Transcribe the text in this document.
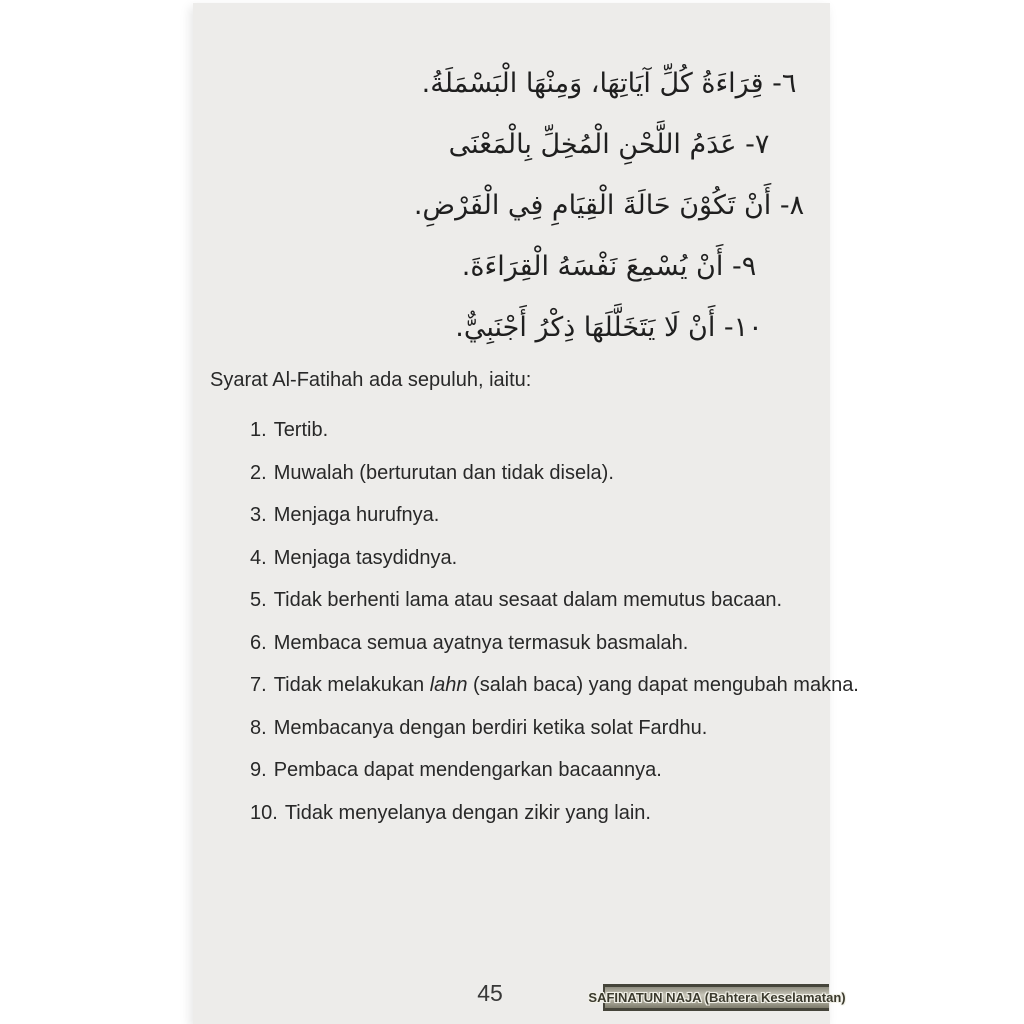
٦- قِرَاءَةُ كُلِّ آيَاتِهَا، وَمِنْهَا الْبَسْمَلَةُ.
٧- عَدَمُ اللَّحْنِ الْمُخِلِّ بِالْمَعْنَى
٨- أَنْ تَكُوْنَ حَالَةَ الْقِيَامِ فِي الْفَرْضِ.
٩- أَنْ يُسْمِعَ نَفْسَهُ الْقِرَاءَةَ.
١٠- أَنْ لَا يَتَخَلَّلَهَا ذِكْرُ أَجْنَبِيٌّ.
Syarat Al-Fatihah ada sepuluh, iaitu:
1. Tertib.
2. Muwalah (berturutan dan tidak disela).
3. Menjaga hurufnya.
4. Menjaga tasydidnya.
5. Tidak berhenti lama atau sesaat dalam memutus bacaan.
6. Membaca semua ayatnya termasuk basmalah.
7. Tidak melakukan lahn (salah baca) yang dapat mengubah makna.
8. Membacanya dengan berdiri ketika solat Fardhu.
9. Pembaca dapat mendengarkan bacaannya.
10. Tidak menyelanya dengan zikir yang lain.
45	SAFINATUN NAJA (Bahtera Keselamatan)
